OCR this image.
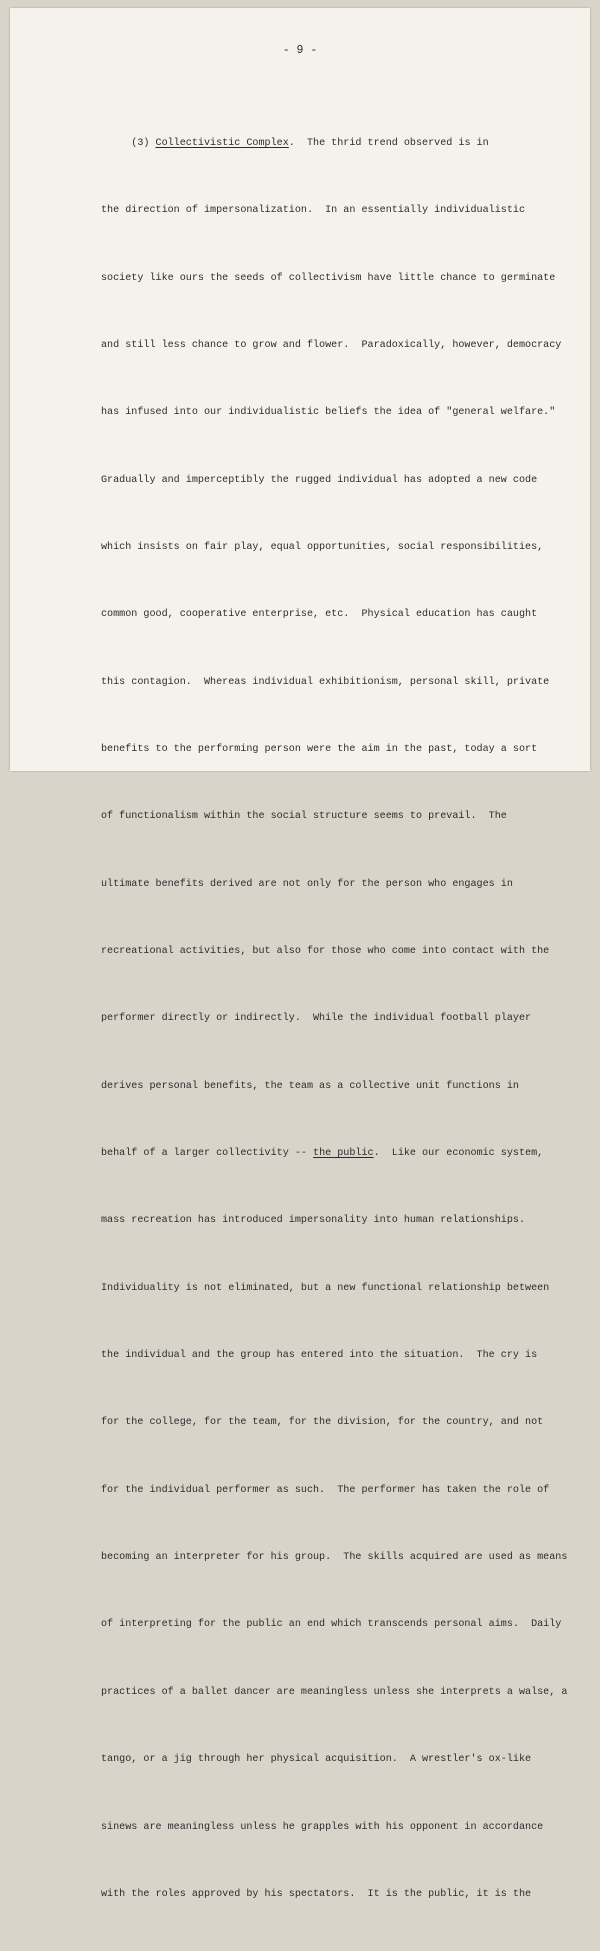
- 9 -

(3) Collectivistic Complex.  The thrid trend observed is in

the direction of impersonalization.  In an essentially individualistic

society like ours the seeds of collectivism have little chance to germinate

and still less chance to grow and flower.  Paradoxically, however, democracy

has infused into our individualistic beliefs the idea of "general welfare."

Gradually and imperceptibly the rugged individual has adopted a new code

which insists on fair play, equal opportunities, social responsibilities,

common good, cooperative enterprise, etc.  Physical education has caught

this contagion.  Whereas individual exhibitionism, personal skill, private

benefits to the performing person were the aim in the past, today a sort

of functionalism within the social structure seems to prevail.  The

ultimate benefits derived are not only for the person who engages in

recreational activities, but also for those who come into contact with the

performer directly or indirectly.  While the individual football player

derives personal benefits, the team as a collective unit functions in

behalf of a larger collectivity -- the public.  Like our economic system,

mass recreation has introduced impersonality into human relationships.

Individuality is not eliminated, but a new functional relationship between

the individual and the group has entered into the situation.  The cry is

for the college, for the team, for the division, for the country, and not

for the individual performer as such.  The performer has taken the role of

becoming an interpreter for his group.  The skills acquired are used as means

of interpreting for the public an end which transcends personal aims.  Daily

practices of a ballet dancer are meaningless unless she interprets a walse, a

tango, or a jig through her physical acquisition.  A wrestler's ox-like

sinews are meaningless unless he grapples with his opponent in accordance

with the roles approved by his spectators.  It is the public, it is the
